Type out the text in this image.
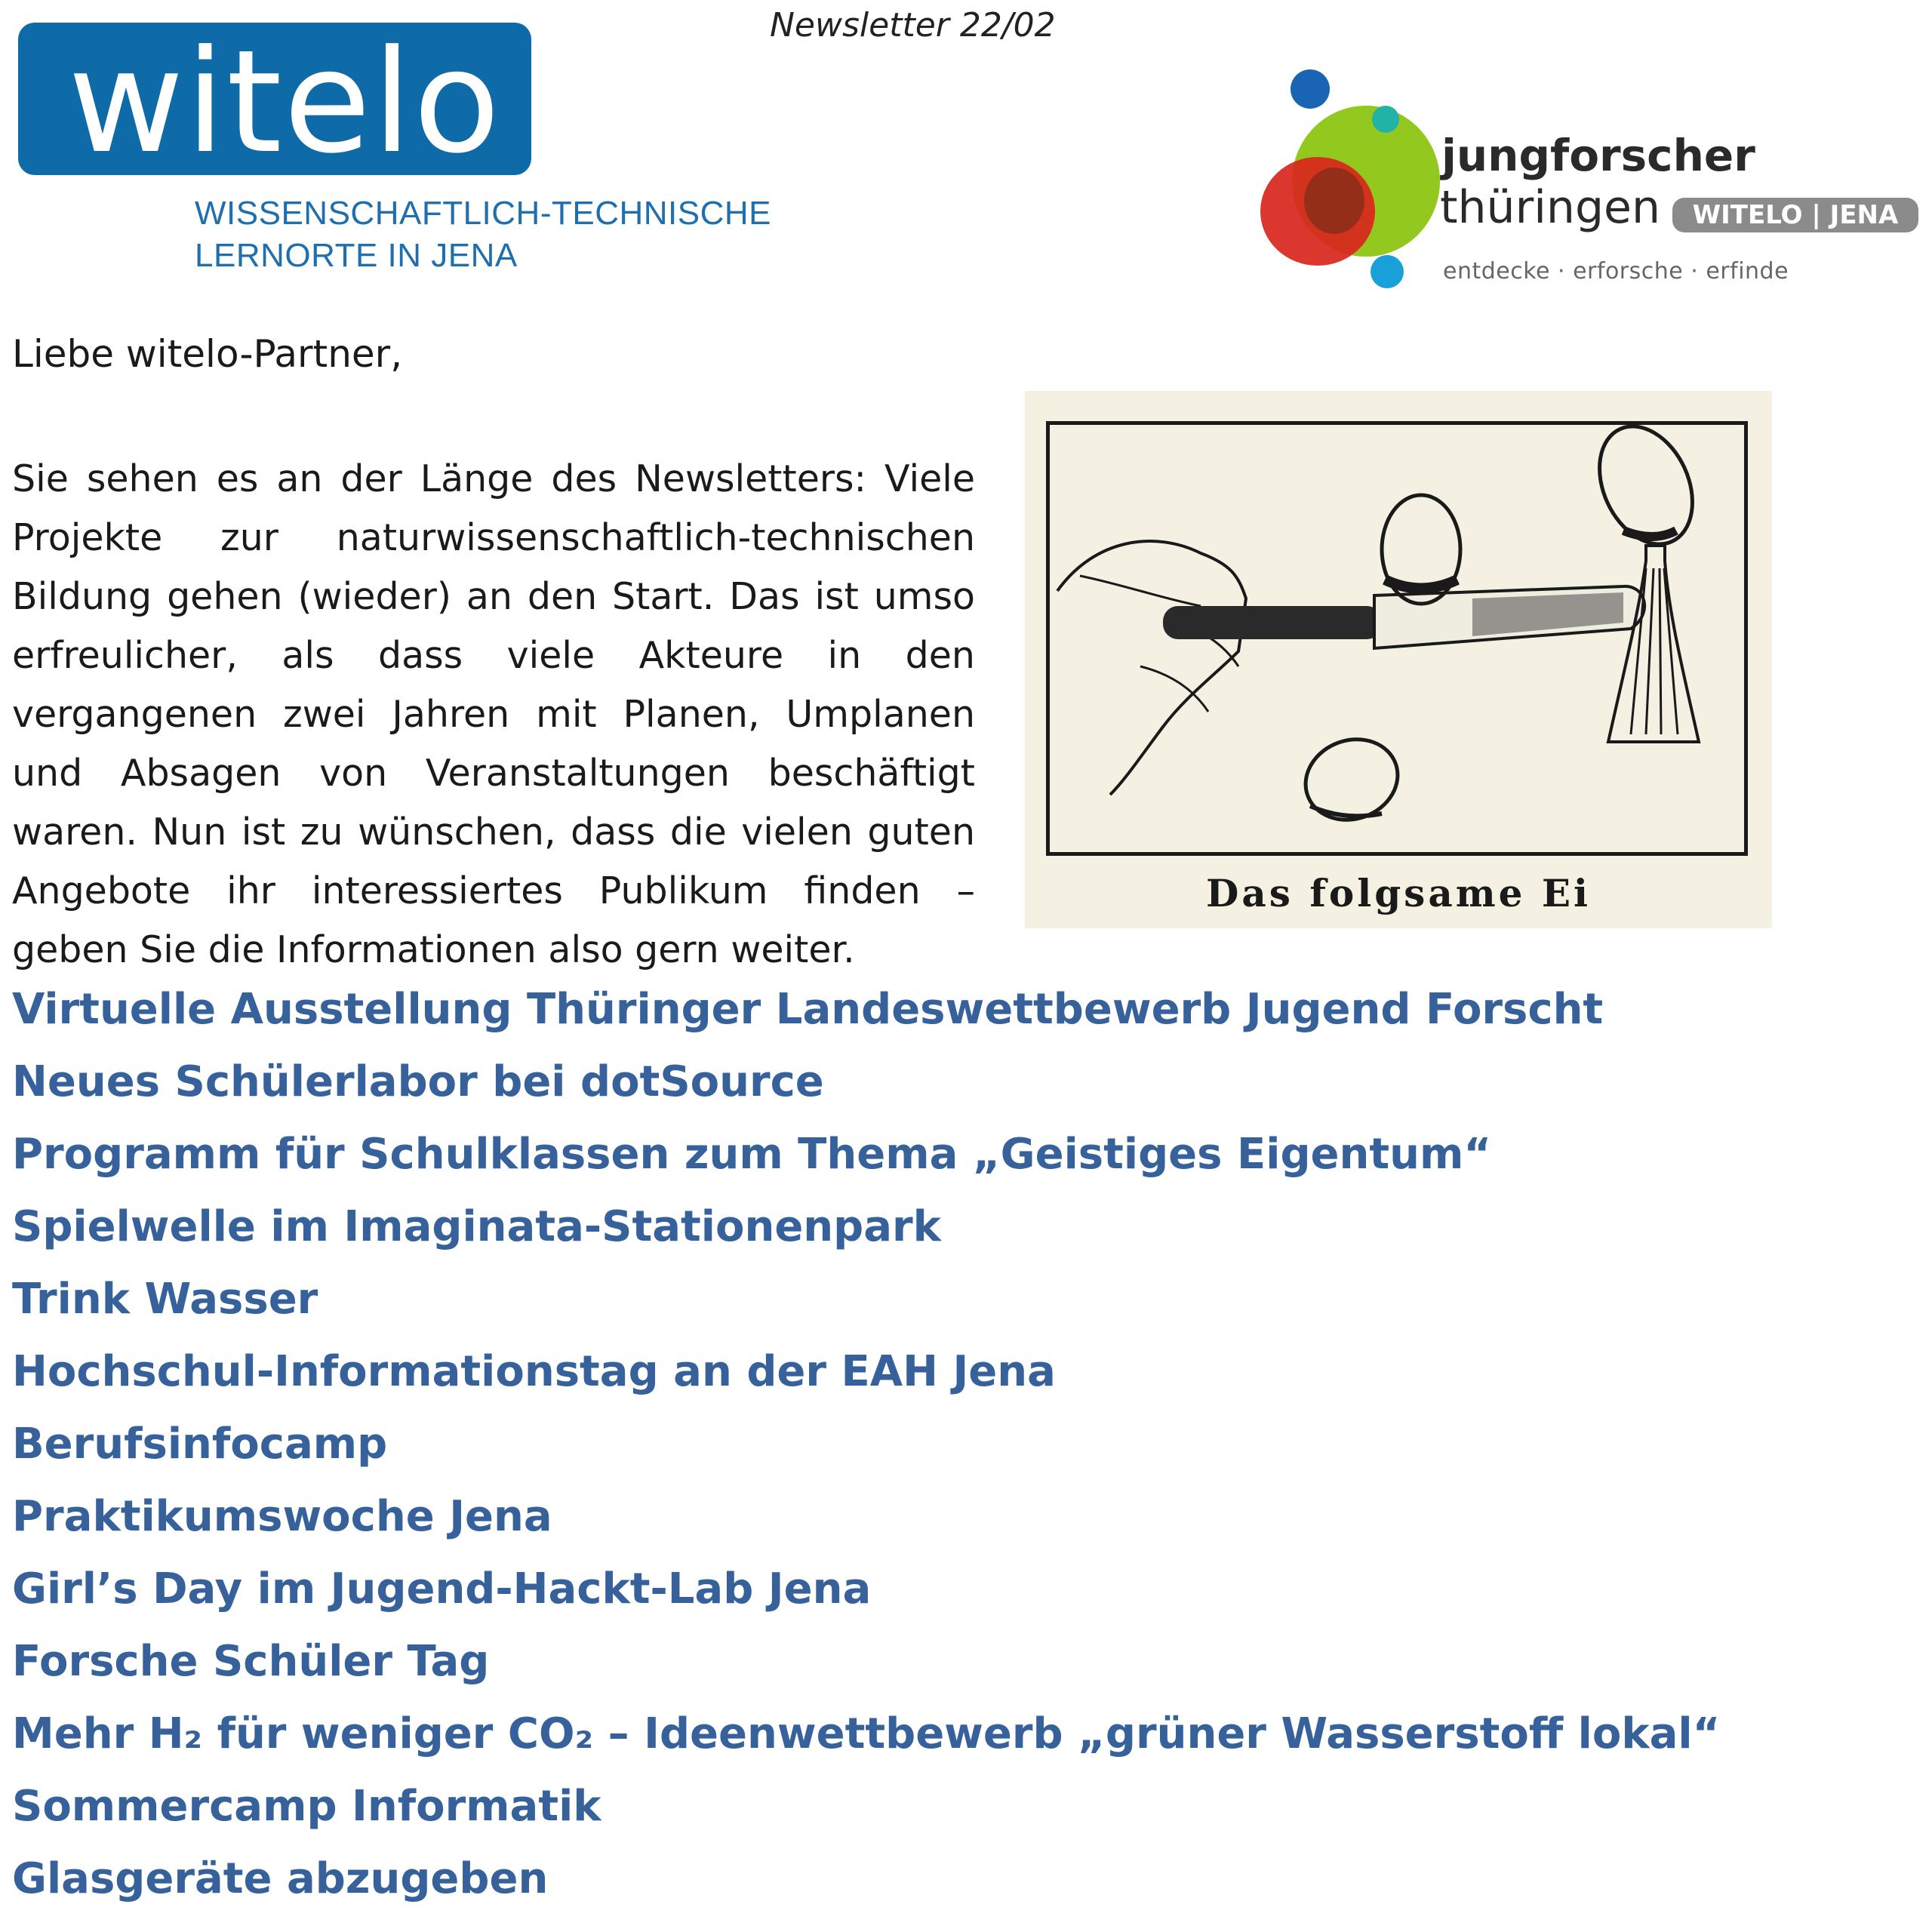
Newsletter 22/02
witelo
WISSENSCHAFTLICH-TECHNISCHE
LERNORTE IN JENA
jungforscher
thüringen	WITELO | JENA
entdecke · erforsche · erfinde
Liebe witelo-Partner,
Sie sehen es an der Länge des Newsletters: Viele Projekte zur naturwissenschaftlich-technischen Bildung gehen (wieder) an den Start. Das ist umso erfreulicher, als dass viele Akteure in den vergangenen zwei Jahren mit Planen, Umplanen und Absagen von Veranstaltungen beschäftigt waren. Nun ist zu wünschen, dass die vielen guten Angebote ihr interessiertes Publikum finden – geben Sie die Informationen also gern weiter.
Das folgsame Ei
Virtuelle Ausstellung Thüringer Landeswettbewerb Jugend Forscht
Neues Schülerlabor bei dotSource
Programm für Schulklassen zum Thema „Geistiges Eigentum“
Spielwelle im Imaginata-Stationenpark
Trink Wasser
Hochschul-Informationstag an der EAH Jena
Berufsinfocamp
Praktikumswoche Jena
Girl’s Day im Jugend-Hackt-Lab Jena
Forsche Schüler Tag
Mehr H₂ für weniger CO₂ – Ideenwettbewerb „grüner Wasserstoff lokal“
Sommercamp Informatik
Glasgeräte abzugeben
